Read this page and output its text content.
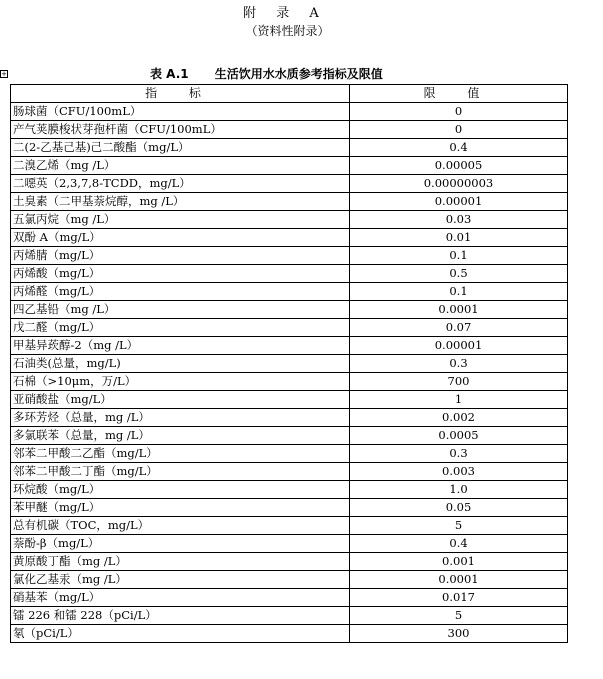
附 录 A
（资料性附录）
+	表 A.1 生活饮用水水质参考指标及限值
指 标	限 值
肠球菌（CFU/100mL）	0
产气荚膜梭状芽孢杆菌（CFU/100mL）	0
二(2-乙基己基)己二酸酯（mg/L）	0.4
二溴乙烯（mg /L）	0.00005
二噁英（2,3,7,8-TCDD，mg/L）	0.00000003
土臭素（二甲基萘烷醇，mg /L）	0.00001
五氯丙烷（mg /L）	0.03
双酚 A（mg/L）	0.01
丙烯腈（mg/L）	0.1
丙烯酸（mg/L）	0.5
丙烯醛（mg/L）	0.1
四乙基铅（mg /L）	0.0001
戊二醛（mg/L）	0.07
甲基异莰醇-2（mg /L）	0.00001
石油类(总量，mg/L)	0.3
石棉（>10μm，万/L）	700
亚硝酸盐（mg/L）	1
多环芳烃（总量，mg /L）	0.002
多氯联苯（总量，mg /L）	0.0005
邻苯二甲酸二乙酯（mg/L）	0.3
邻苯二甲酸二丁酯（mg/L）	0.003
环烷酸（mg/L）	1.0
苯甲醚（mg/L）	0.05
总有机碳（TOC，mg/L）	5
萘酚-β（mg/L）	0.4
黄原酸丁酯（mg /L）	0.001
氯化乙基汞（mg /L）	0.0001
硝基苯（mg/L）	0.017
镭 226 和镭 228（pCi/L）	5
氡（pCi/L）	300
